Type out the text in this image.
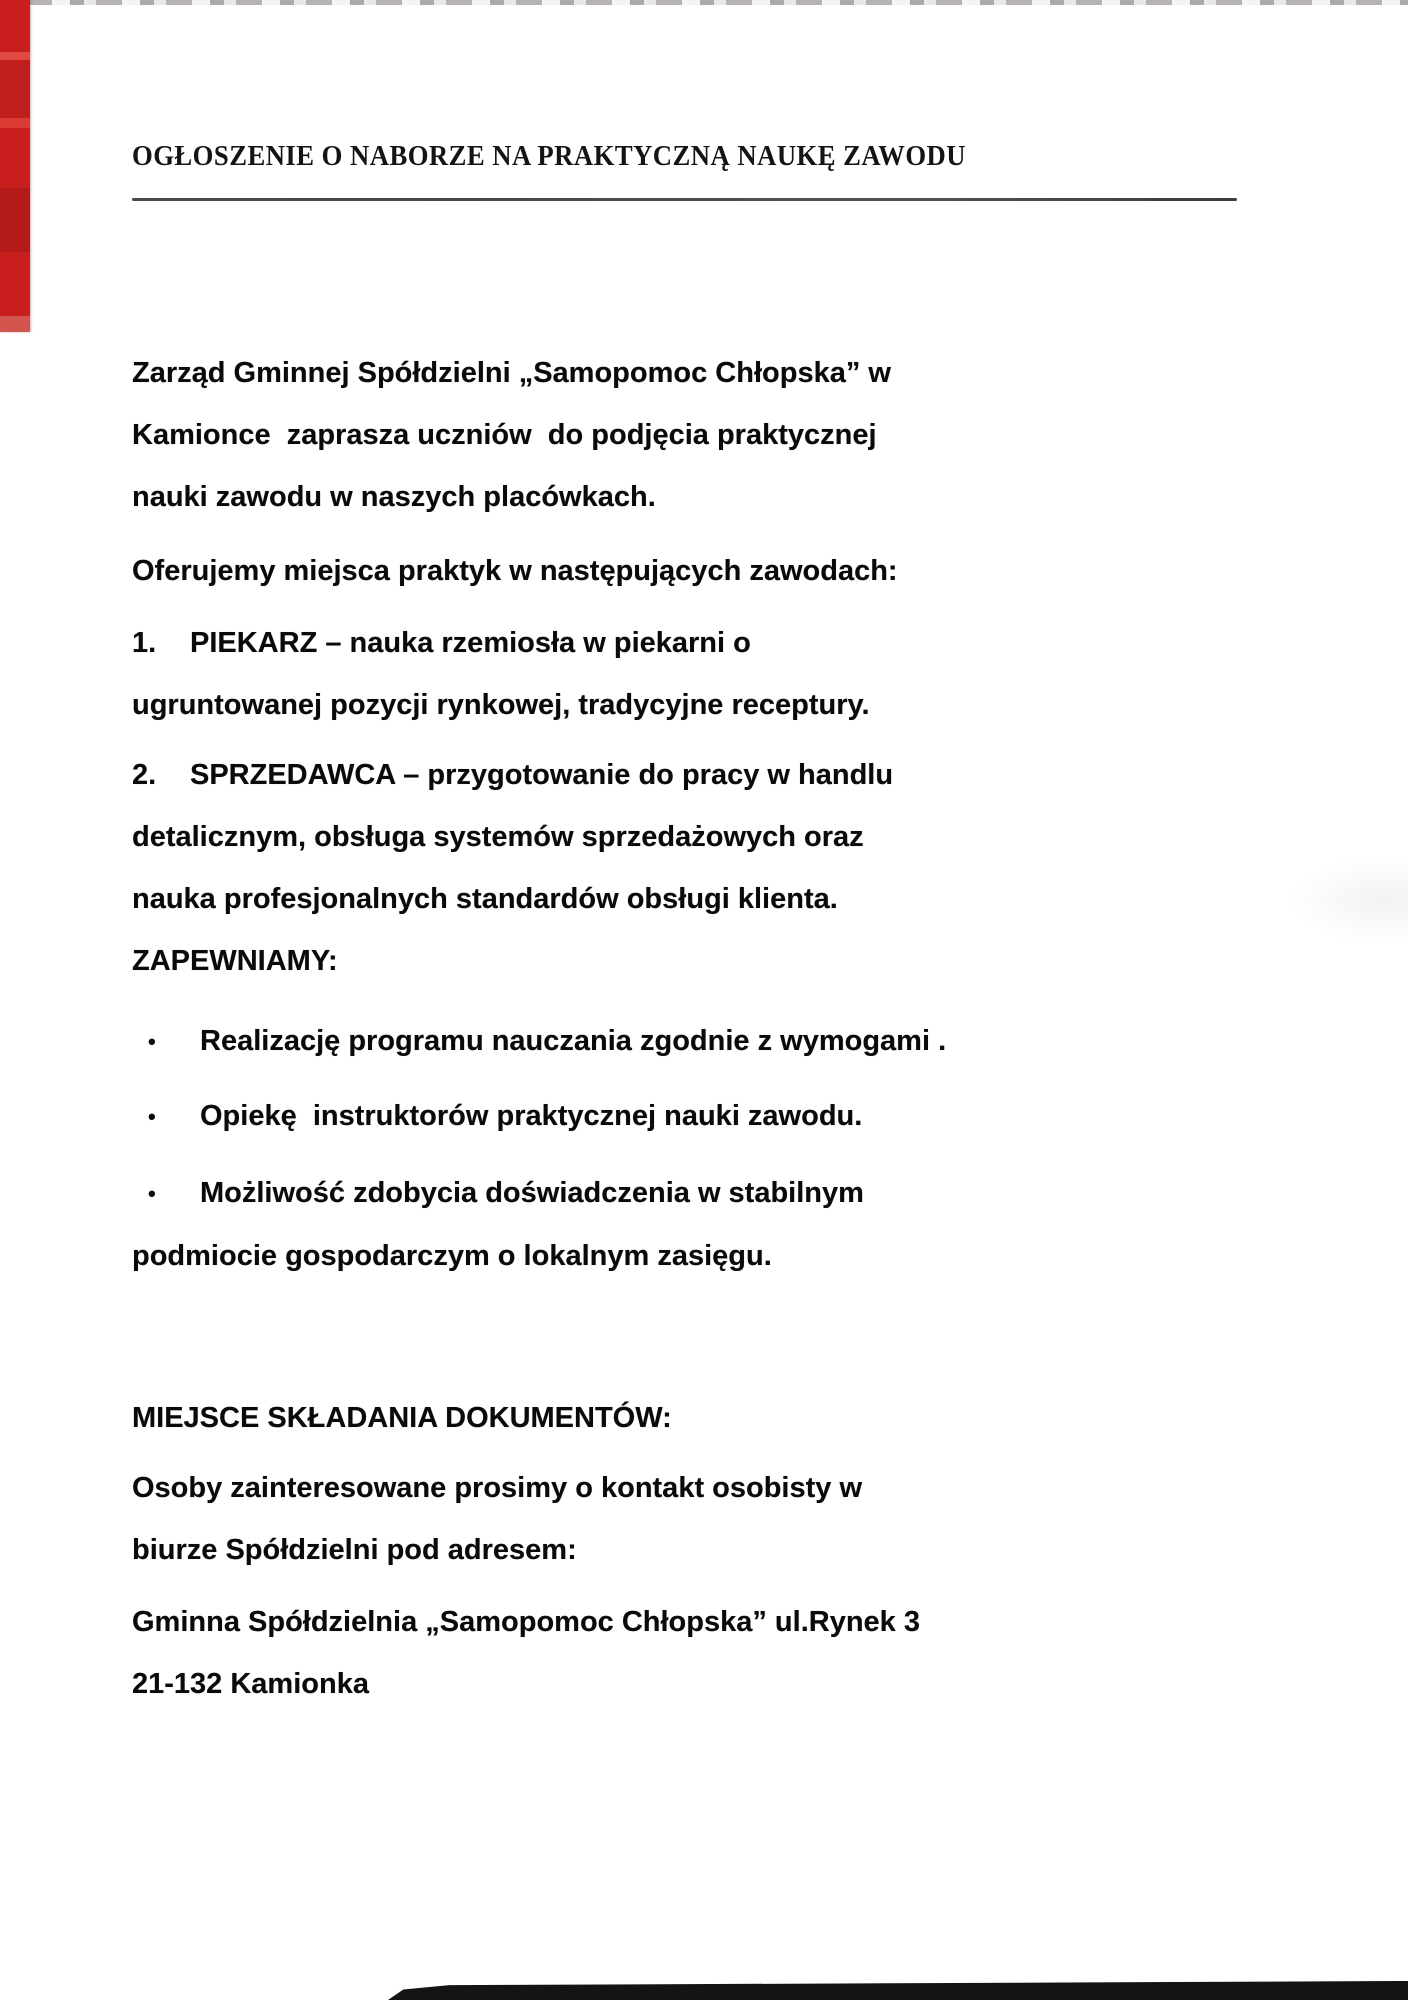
OGŁOSZENIE O NABORZE NA PRAKTYCZNĄ NAUKĘ ZAWODU
Zarząd Gminnej Spółdzielni „Samopomoc Chłopska” w
Kamionce  zaprasza uczniów  do podjęcia praktycznej
nauki zawodu w naszych placówkach.
Oferujemy miejsca praktyk w następujących zawodach:
1. PIEKARZ – nauka rzemiosła w piekarni o
ugruntowanej pozycji rynkowej, tradycyjne receptury.
2. SPRZEDAWCA – przygotowanie do pracy w handlu
detalicznym, obsługa systemów sprzedażowych oraz
nauka profesjonalnych standardów obsługi klienta.
ZAPEWNIAMY:
• Realizację programu nauczania zgodnie z wymogami .
• Opiekę  instruktorów praktycznej nauki zawodu.
• Możliwość zdobycia doświadczenia w stabilnym
podmiocie gospodarczym o lokalnym zasięgu.
MIEJSCE SKŁADANIA DOKUMENTÓW:
Osoby zainteresowane prosimy o kontakt osobisty w
biurze Spółdzielni pod adresem:
Gminna Spółdzielnia „Samopomoc Chłopska” ul.Rynek 3
21-132 Kamionka
